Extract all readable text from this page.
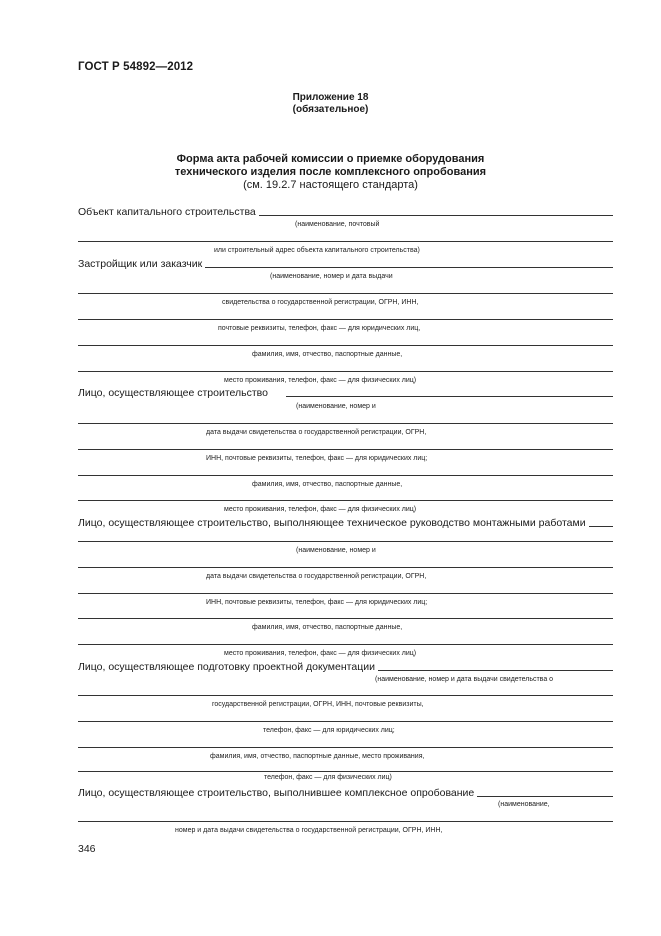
ГОСТ Р 54892—2012
Приложение 18
(обязательное)
Форма акта рабочей комиссии о приемке оборудования
технического изделия после комплексного опробования
(см. 19.2.7 настоящего стандарта)
Объект капитального строительства
(наименование, почтовый
или строительный адрес объекта капитального строительства)
Застройщик или заказчик
(наименование, номер и дата выдачи
свидетельства о государственной регистрации, ОГРН, ИНН,
почтовые реквизиты, телефон, факс — для юридических лиц,
фамилия, имя, отчество, паспортные данные,
место проживания, телефон, факс — для физических лиц)
Лицо, осуществляющее строительство
(наименование, номер и
дата выдачи свидетельства о государственной регистрации, ОГРН,
ИНН, почтовые реквизиты, телефон, факс — для юридических лиц;
фамилия, имя, отчество, паспортные данные,
место проживания, телефон, факс — для физических лиц)
Лицо, осуществляющее строительство, выполняющее техническое руководство монтажными работами
(наименование, номер и
дата выдачи свидетельства о государственной регистрации, ОГРН,
ИНН, почтовые реквизиты, телефон, факс — для юридических лиц;
фамилия, имя, отчество, паспортные данные,
место проживания, телефон, факс — для физических лиц)
Лицо, осуществляющее подготовку проектной документации
(наименование, номер и дата выдачи свидетельства о
государственной регистрации, ОГРН, ИНН, почтовые реквизиты,
телефон, факс — для юридических лиц;
фамилия, имя, отчество, паспортные данные, место проживания,
телефон, факс — для физических лиц)
Лицо, осуществляющее строительство, выполнившее комплексное опробование
(наименование,
номер и дата выдачи свидетельства о государственной регистрации, ОГРН, ИНН,
346
